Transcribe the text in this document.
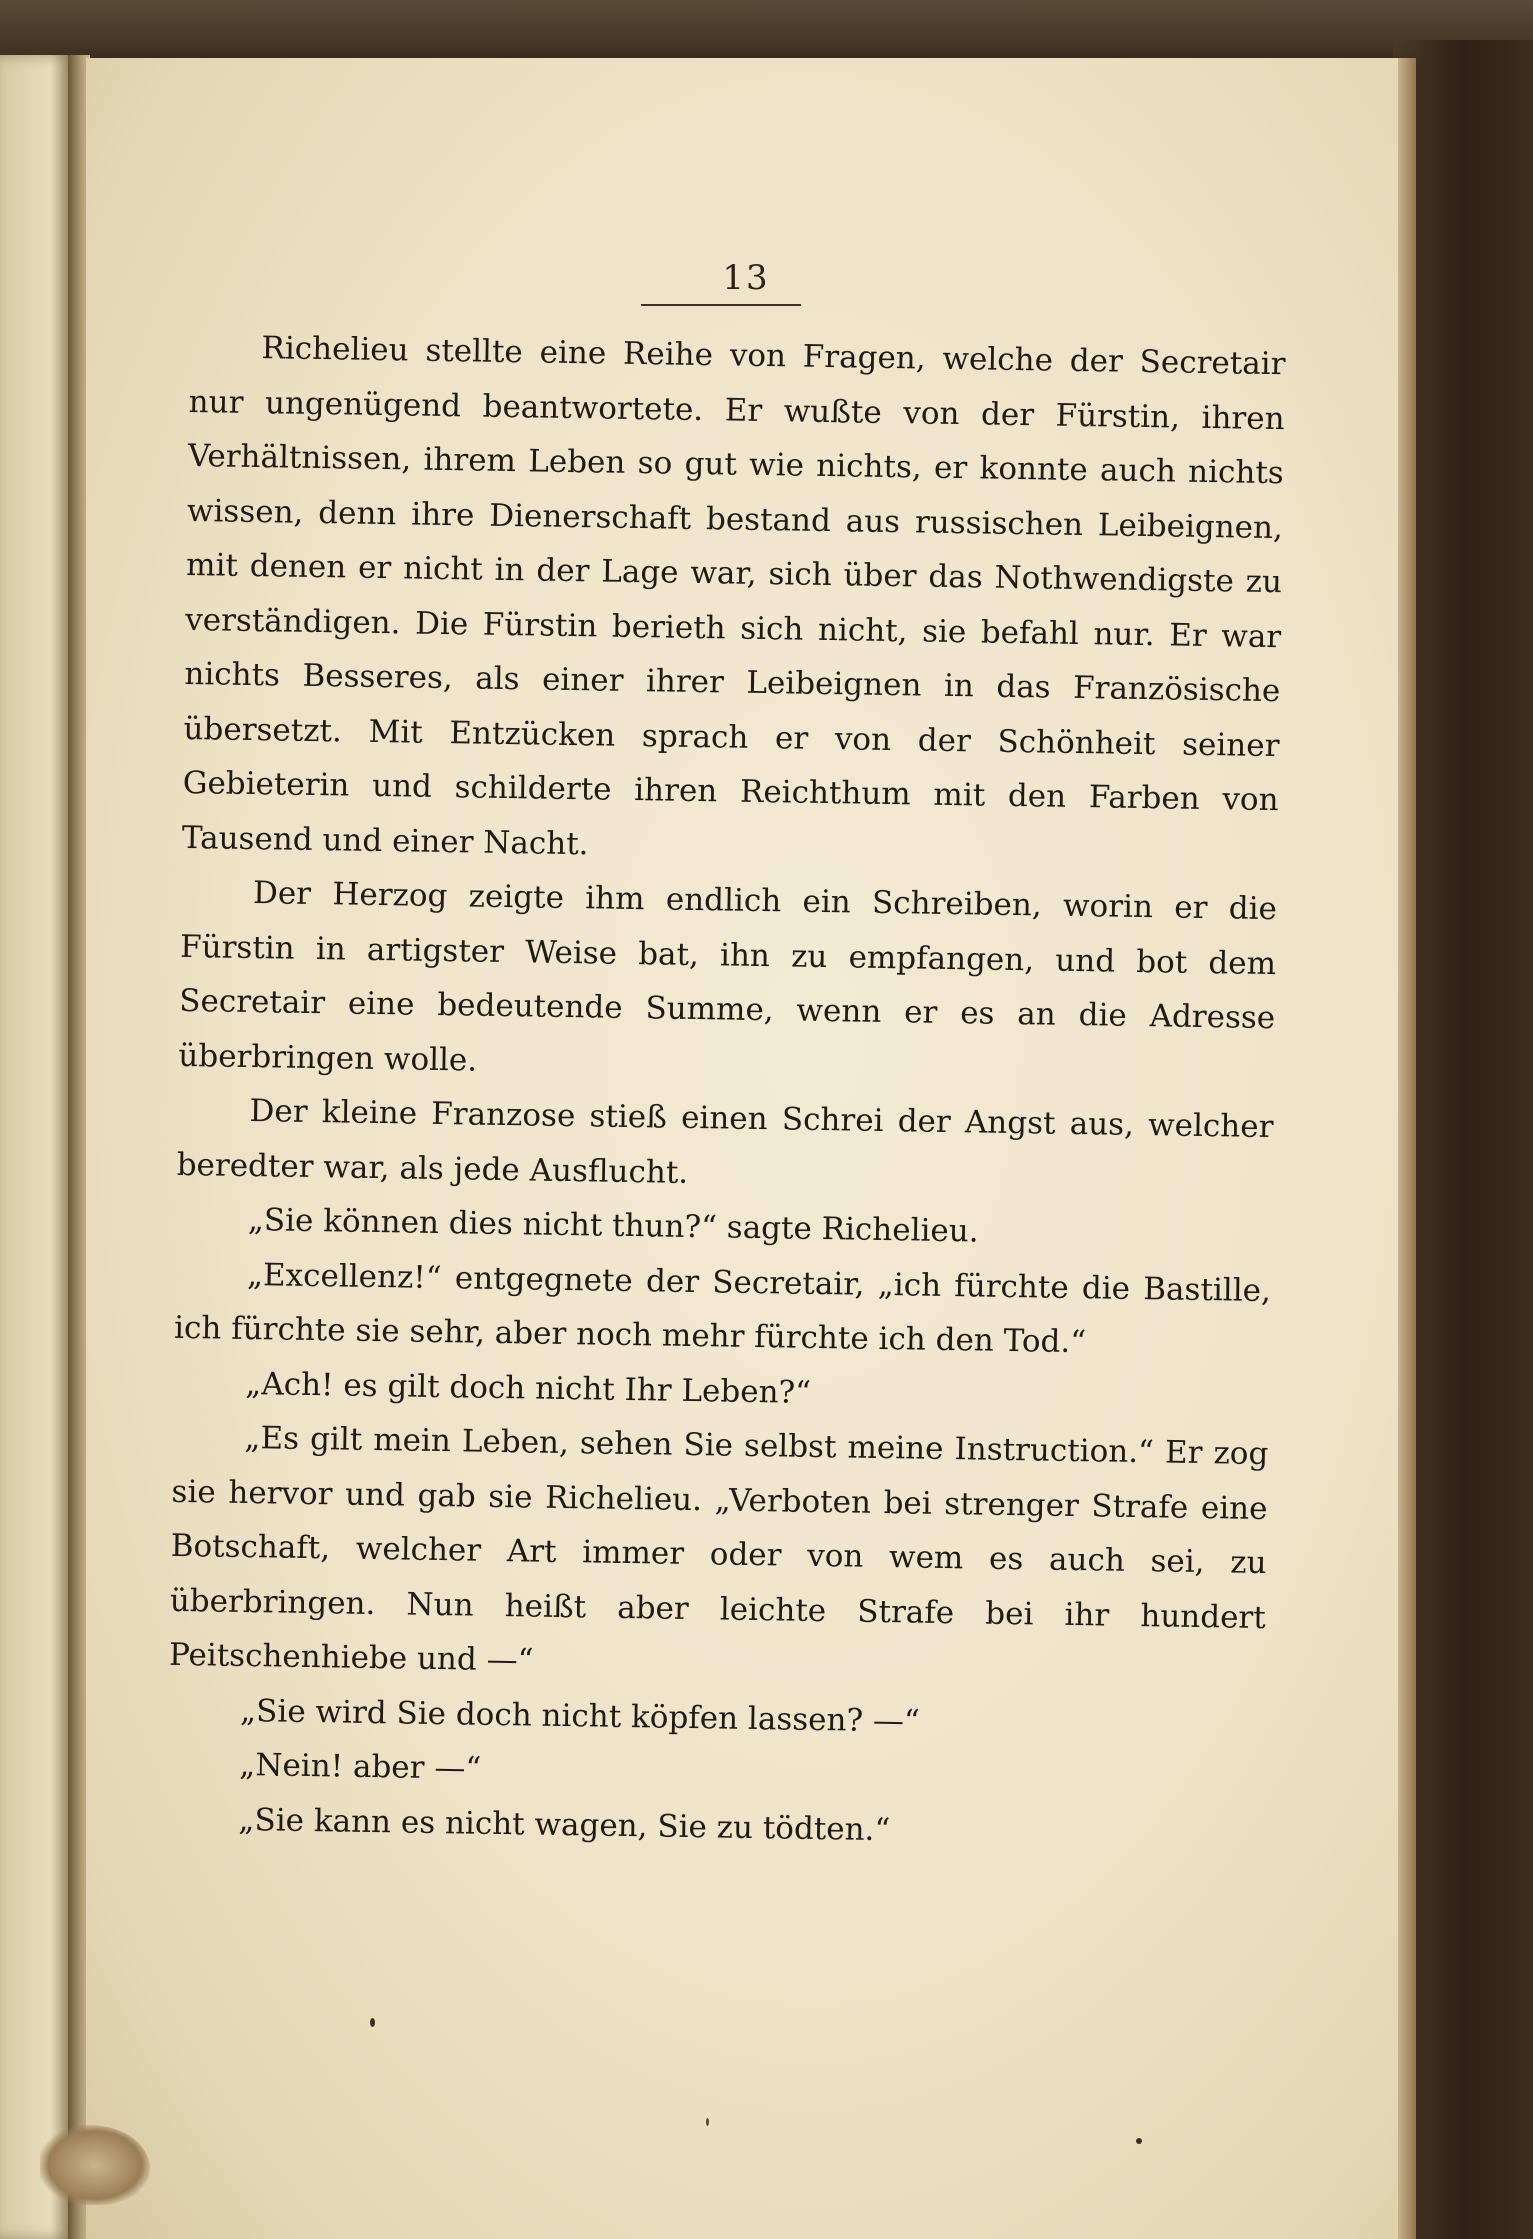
13

Richelieu stellte eine Reihe von Fragen, welche der Secretair nur ungenügend beantwortete. Er wußte von der Fürstin, ihren Verhältnissen, ihrem Leben so gut wie nichts, er konnte auch nichts wissen, denn ihre Dienerschaft bestand aus russischen Leibeignen, mit denen er nicht in der Lage war, sich über das Nothwendigste zu verständigen. Die Fürstin berieth sich nicht, sie befahl nur. Er war nichts Besseres, als einer ihrer Leibeignen in das Französische übersetzt. Mit Entzücken sprach er von der Schönheit seiner Gebieterin und schilderte ihren Reichthum mit den Farben von Tausend und einer Nacht.

Der Herzog zeigte ihm endlich ein Schreiben, worin er die Fürstin in artigster Weise bat, ihn zu empfangen, und bot dem Secretair eine bedeutende Summe, wenn er es an die Adresse überbringen wolle.

Der kleine Franzose stieß einen Schrei der Angst aus, welcher beredter war, als jede Ausflucht.

„Sie können dies nicht thun?“ sagte Richelieu.

„Excellenz!“ entgegnete der Secretair, „ich fürchte die Bastille, ich fürchte sie sehr, aber noch mehr fürchte ich den Tod.“

„Ach! es gilt doch nicht Ihr Leben?“

„Es gilt mein Leben, sehen Sie selbst meine Instruction.“ Er zog sie hervor und gab sie Richelieu. „Verboten bei strenger Strafe eine Botschaft, welcher Art immer oder von wem es auch sei, zu überbringen. Nun heißt aber leichte Strafe bei ihr hundert Peitschenhiebe und —“

„Sie wird Sie doch nicht köpfen lassen? —“

„Nein! aber —“

„Sie kann es nicht wagen, Sie zu tödten.“
